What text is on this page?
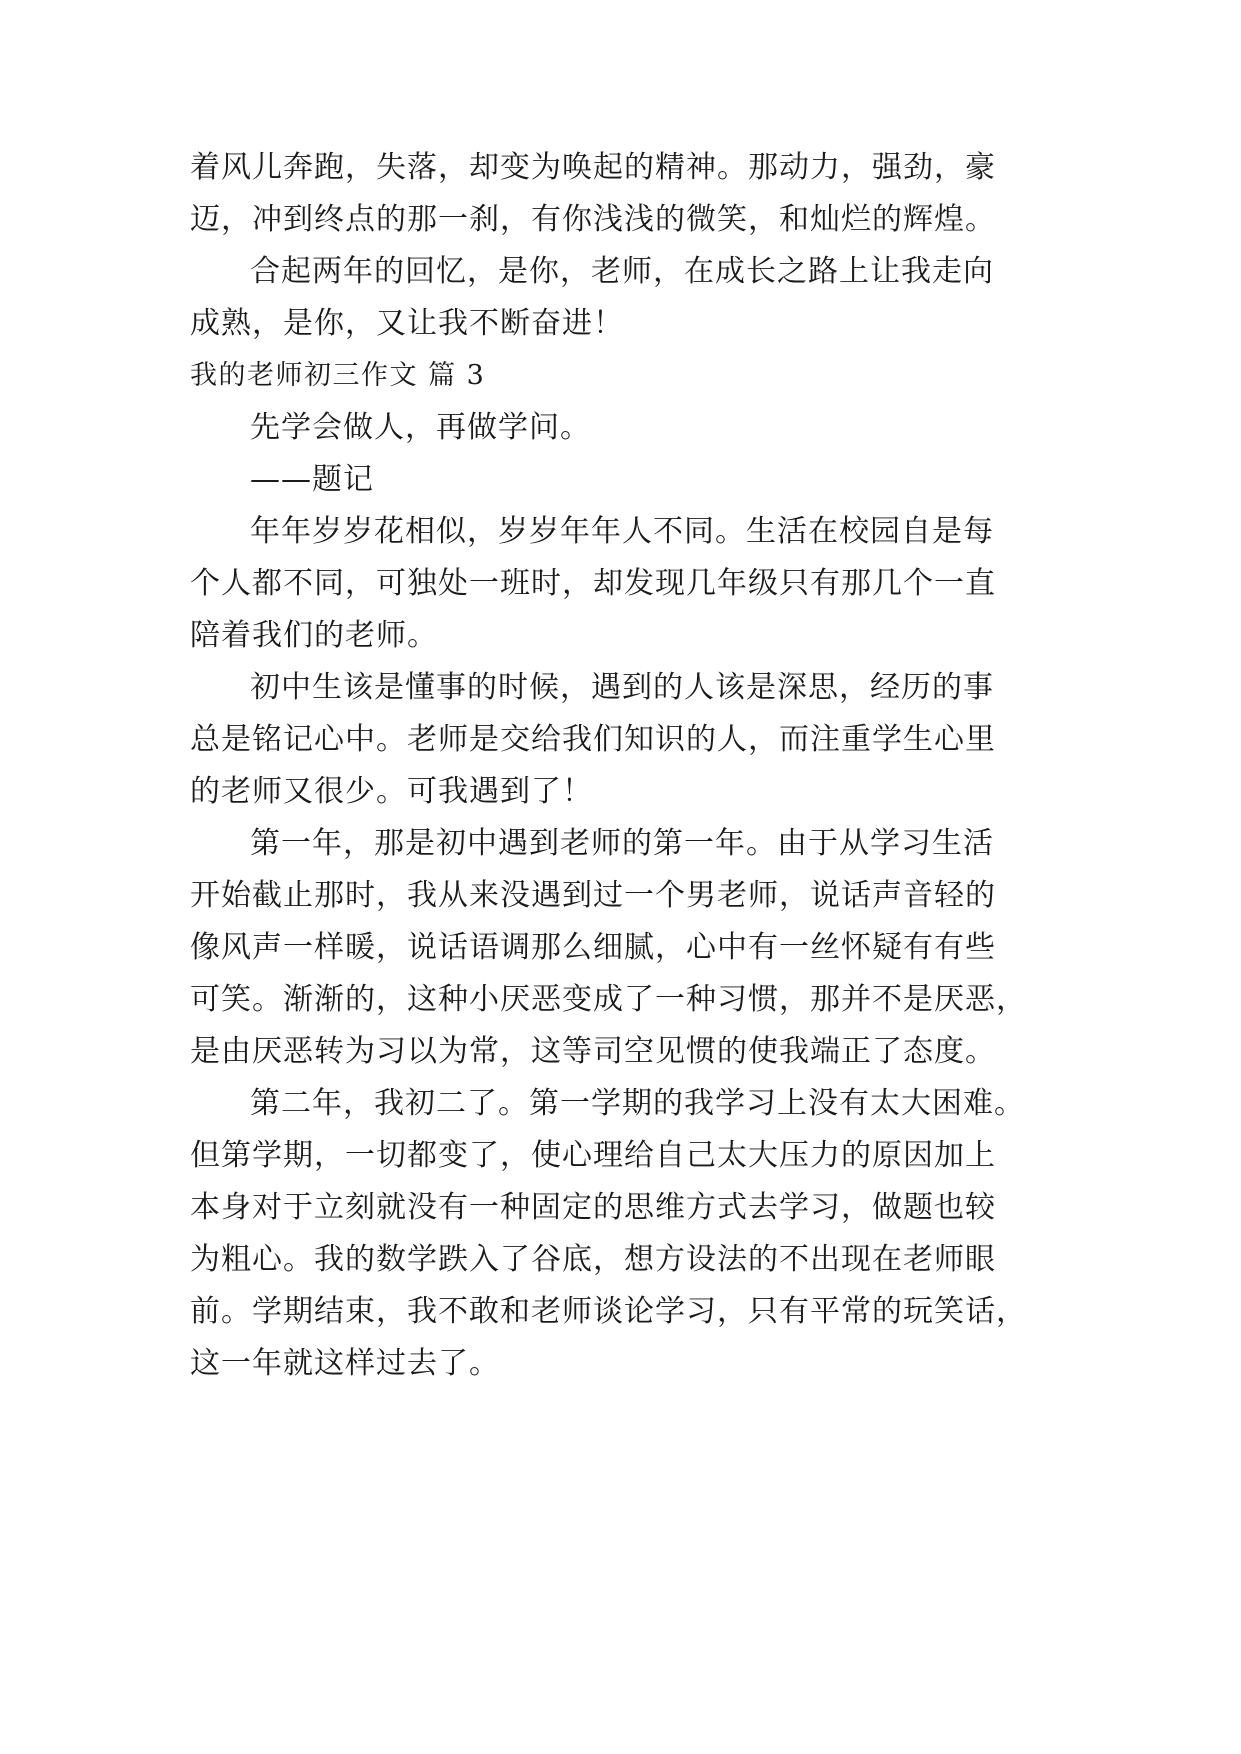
着风儿奔跑，失落，却变为唤起的精神。那动力，强劲，豪
迈，冲到终点的那一刹，有你浅浅的微笑，和灿烂的辉煌。
合起两年的回忆，是你，老师，在成长之路上让我走向
成熟，是你，又让我不断奋进！
我的老师初三作文 篇 3
先学会做人，再做学问。
——题记
年年岁岁花相似，岁岁年年人不同。生活在校园自是每
个人都不同，可独处一班时，却发现几年级只有那几个一直
陪着我们的老师。
初中生该是懂事的时候，遇到的人该是深思，经历的事
总是铭记心中。老师是交给我们知识的人，而注重学生心里
的老师又很少。可我遇到了！
第一年，那是初中遇到老师的第一年。由于从学习生活
开始截止那时，我从来没遇到过一个男老师，说话声音轻的
像风声一样暖，说话语调那么细腻，心中有一丝怀疑有有些
可笑。渐渐的，这种小厌恶变成了一种习惯，那并不是厌恶，
是由厌恶转为习以为常，这等司空见惯的使我端正了态度。
第二年，我初二了。第一学期的我学习上没有太大困难。
但第学期，一切都变了，使心理给自己太大压力的原因加上
本身对于立刻就没有一种固定的思维方式去学习，做题也较
为粗心。我的数学跌入了谷底，想方设法的不出现在老师眼
前。学期结束，我不敢和老师谈论学习，只有平常的玩笑话，
这一年就这样过去了。
